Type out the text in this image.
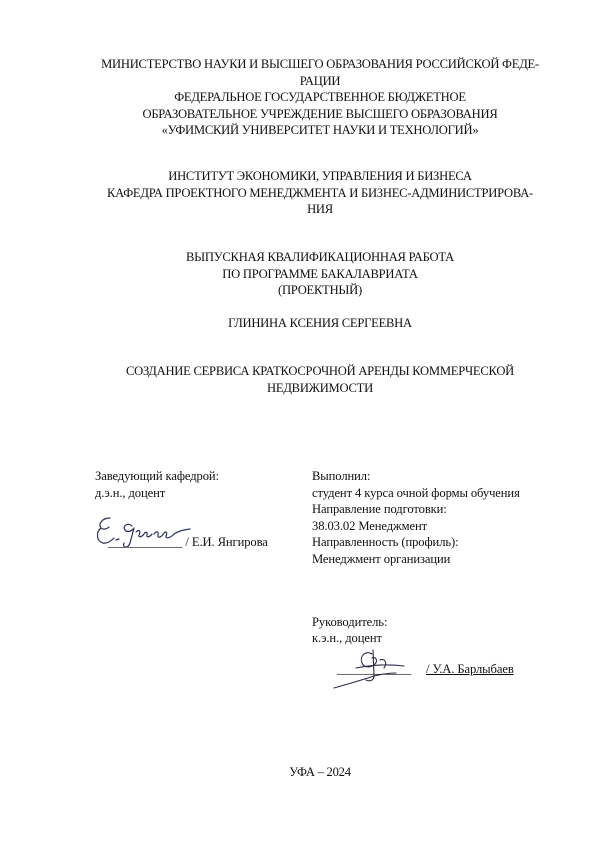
МИНИСТЕРСТВО НАУКИ И ВЫСШЕГО ОБРАЗОВАНИЯ РОССИЙСКОЙ ФЕДЕ-
РАЦИИ
ФЕДЕРАЛЬНОЕ ГОСУДАРСТВЕННОЕ БЮДЖЕТНОЕ
ОБРАЗОВАТЕЛЬНОЕ УЧРЕЖДЕНИЕ ВЫСШЕГО ОБРАЗОВАНИЯ
«УФИМСКИЙ УНИВЕРСИТЕТ НАУКИ И ТЕХНОЛОГИЙ»
ИНСТИТУТ ЭКОНОМИКИ, УПРАВЛЕНИЯ И БИЗНЕСА
КАФЕДРА ПРОЕКТНОГО МЕНЕДЖМЕНТА И БИЗНЕС-АДМИНИСТРИРОВА-
НИЯ
ВЫПУСКНАЯ КВАЛИФИКАЦИОННАЯ РАБОТА
ПО ПРОГРАММЕ БАКАЛАВРИАТА
(ПРОЕКТНЫЙ)
ГЛИНИНА КСЕНИЯ СЕРГЕЕВНА
СОЗДАНИЕ СЕРВИСА КРАТКОСРОЧНОЙ АРЕНДЫ КОММЕРЧЕСКОЙ
НЕДВИЖИМОСТИ
Заведующий кафедрой:
д.э.н., доцент
____________ / Е.И. Янгирова
Выполнил:
студент 4 курса очной формы обучения
Направление подготовки:
38.03.02 Менеджмент
Направленность (профиль):
Менеджмент организации
Руководитель:
к.э.н., доцент
____________ / У.А. Барлыбаев
УФА – 2024
